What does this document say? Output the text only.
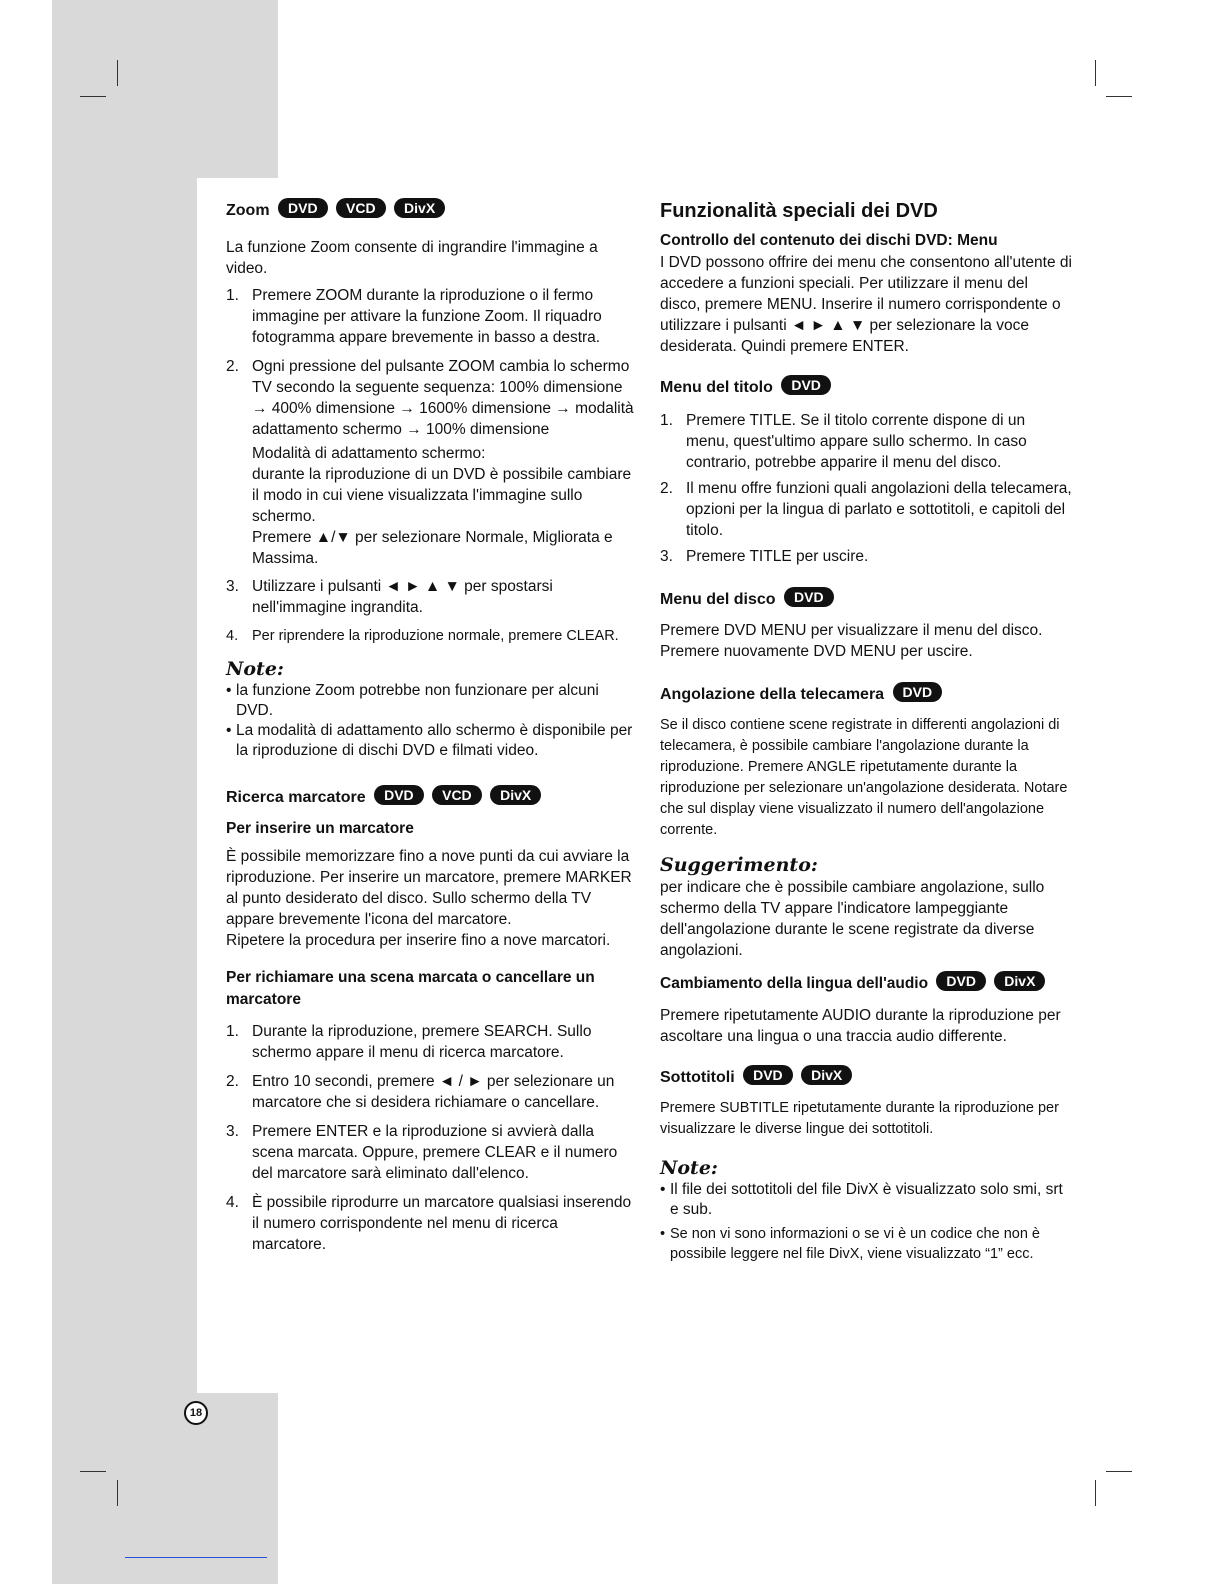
Zoom DVD VCD DivX

La funzione Zoom consente di ingrandire l'immagine a video.

1. Premere ZOOM durante la riproduzione o il fermo immagine per attivare la funzione Zoom. Il riquadro fotogramma appare brevemente in basso a destra.
2. Ogni pressione del pulsante ZOOM cambia lo schermo TV secondo la seguente sequenza: 100% dimensione → 400% dimensione → 1600% dimensione → modalità adattamento schermo → 100% dimensione
Modalità di adattamento schermo:
durante la riproduzione di un DVD è possibile cambiare il modo in cui viene visualizzata l'immagine sullo schermo.
Premere ▲/▼ per selezionare Normale, Migliorata e Massima.
3. Utilizzare i pulsanti ◄ ► ▲ ▼ per spostarsi nell'immagine ingrandita.
4. Per riprendere la riproduzione normale, premere CLEAR.
Note:
• la funzione Zoom potrebbe non funzionare per alcuni DVD.
• La modalità di adattamento allo schermo è disponibile per la riproduzione di dischi DVD e filmati video.
Ricerca marcatore DVD VCD DivX
Per inserire un marcatore

È possibile memorizzare fino a nove punti da cui avviare la riproduzione. Per inserire un marcatore, premere MARKER al punto desiderato del disco. Sullo schermo della TV appare brevemente l'icona del marcatore.

Ripetere la procedura per inserire fino a nove marcatori.

Per richiamare una scena marcata o cancellare un marcatore
1. Durante la riproduzione, premere SEARCH. Sullo schermo appare il menu di ricerca marcatore.
2. Entro 10 secondi, premere ◄ / ► per selezionare un marcatore che si desidera richiamare o cancellare.
3. Premere ENTER e la riproduzione si avvierà dalla scena marcata. Oppure, premere CLEAR e il numero del marcatore sarà eliminato dall'elenco.
4. È possibile riprodurre un marcatore qualsiasi inserendo il numero corrispondente nel menu di ricerca marcatore.
Funzionalità speciali dei DVD
Controllo del contenuto dei dischi DVD: Menu

I DVD possono offrire dei menu che consentono all'utente di accedere a funzioni speciali. Per utilizzare il menu del disco, premere MENU. Inserire il numero corrispondente o utilizzare i pulsanti ◄ ► ▲ ▼ per selezionare la voce desiderata. Quindi premere ENTER.

Menu del titolo DVD
1. Premere TITLE. Se il titolo corrente dispone di un menu, quest'ultimo appare sullo schermo. In caso contrario, potrebbe apparire il menu del disco.
2. Il menu offre funzioni quali angolazioni della telecamera, opzioni per la lingua di parlato e sottotitoli, e capitoli del titolo.
3. Premere TITLE per uscire.
Menu del disco DVD

Premere DVD MENU per visualizzare il menu del disco. Premere nuovamente DVD MENU per uscire.

Angolazione della telecamera DVD

Se il disco contiene scene registrate in differenti angolazioni di telecamera, è possibile cambiare l'angolazione durante la riproduzione. Premere ANGLE ripetutamente durante la riproduzione per selezionare un'angolazione desiderata. Notare che sul display viene visualizzato il numero dell'angolazione corrente.

Suggerimento:

per indicare che è possibile cambiare angolazione, sullo schermo della TV appare l'indicatore lampeggiante dell'angolazione durante le scene registrate da diverse angolazioni.

Cambiamento della lingua dell'audio DVD DivX

Premere ripetutamente AUDIO durante la riproduzione per ascoltare una lingua o una traccia audio differente.

Sottotitoli DVD DivX

Premere SUBTITLE ripetutamente durante la riproduzione per visualizzare le diverse lingue dei sottotitoli.

Note:
• Il file dei sottotitoli del file DivX è visualizzato solo smi, srt e sub.
• Se non vi sono informazioni o se vi è un codice che non è possibile leggere nel file DivX, viene visualizzato “1” ecc.
18
